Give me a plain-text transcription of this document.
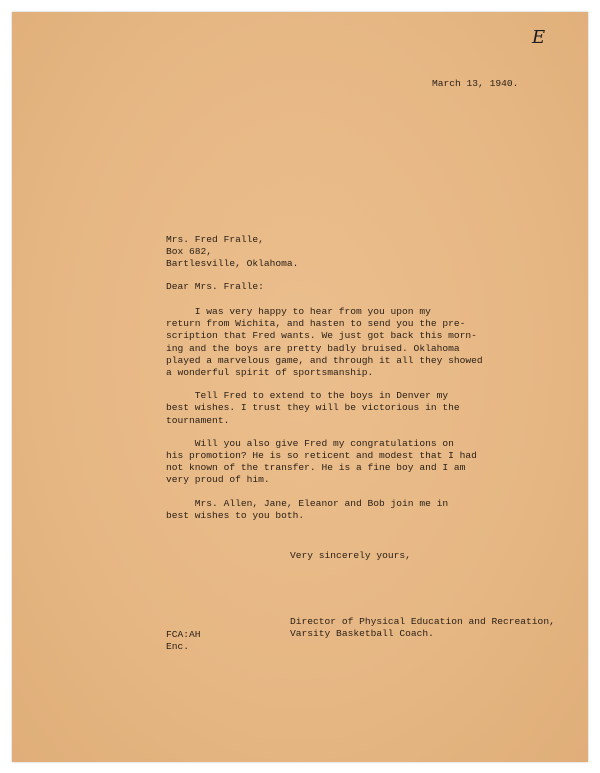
E
March 13, 1940.
Mrs. Fred Fralle,
Box 682,
Bartlesville, Oklahoma.
Dear Mrs. Fralle:
I was very happy to hear from you upon my
return from Wichita, and hasten to send you the pre-
scription that Fred wants. We just got back this morn-
ing and the boys are pretty badly bruised. Oklahoma
played a marvelous game, and through it all they showed
a wonderful spirit of sportsmanship.
Tell Fred to extend to the boys in Denver my
best wishes. I trust they will be victorious in the
tournament.
Will you also give Fred my congratulations on
his promotion? He is so reticent and modest that I had
not known of the transfer. He is a fine boy and I am
very proud of him.
Mrs. Allen, Jane, Eleanor and Bob join me in
best wishes to you both.
Very sincerely yours,
Director of Physical Education and Recreation,
Varsity Basketball Coach.
FCA:AH
Enc.
